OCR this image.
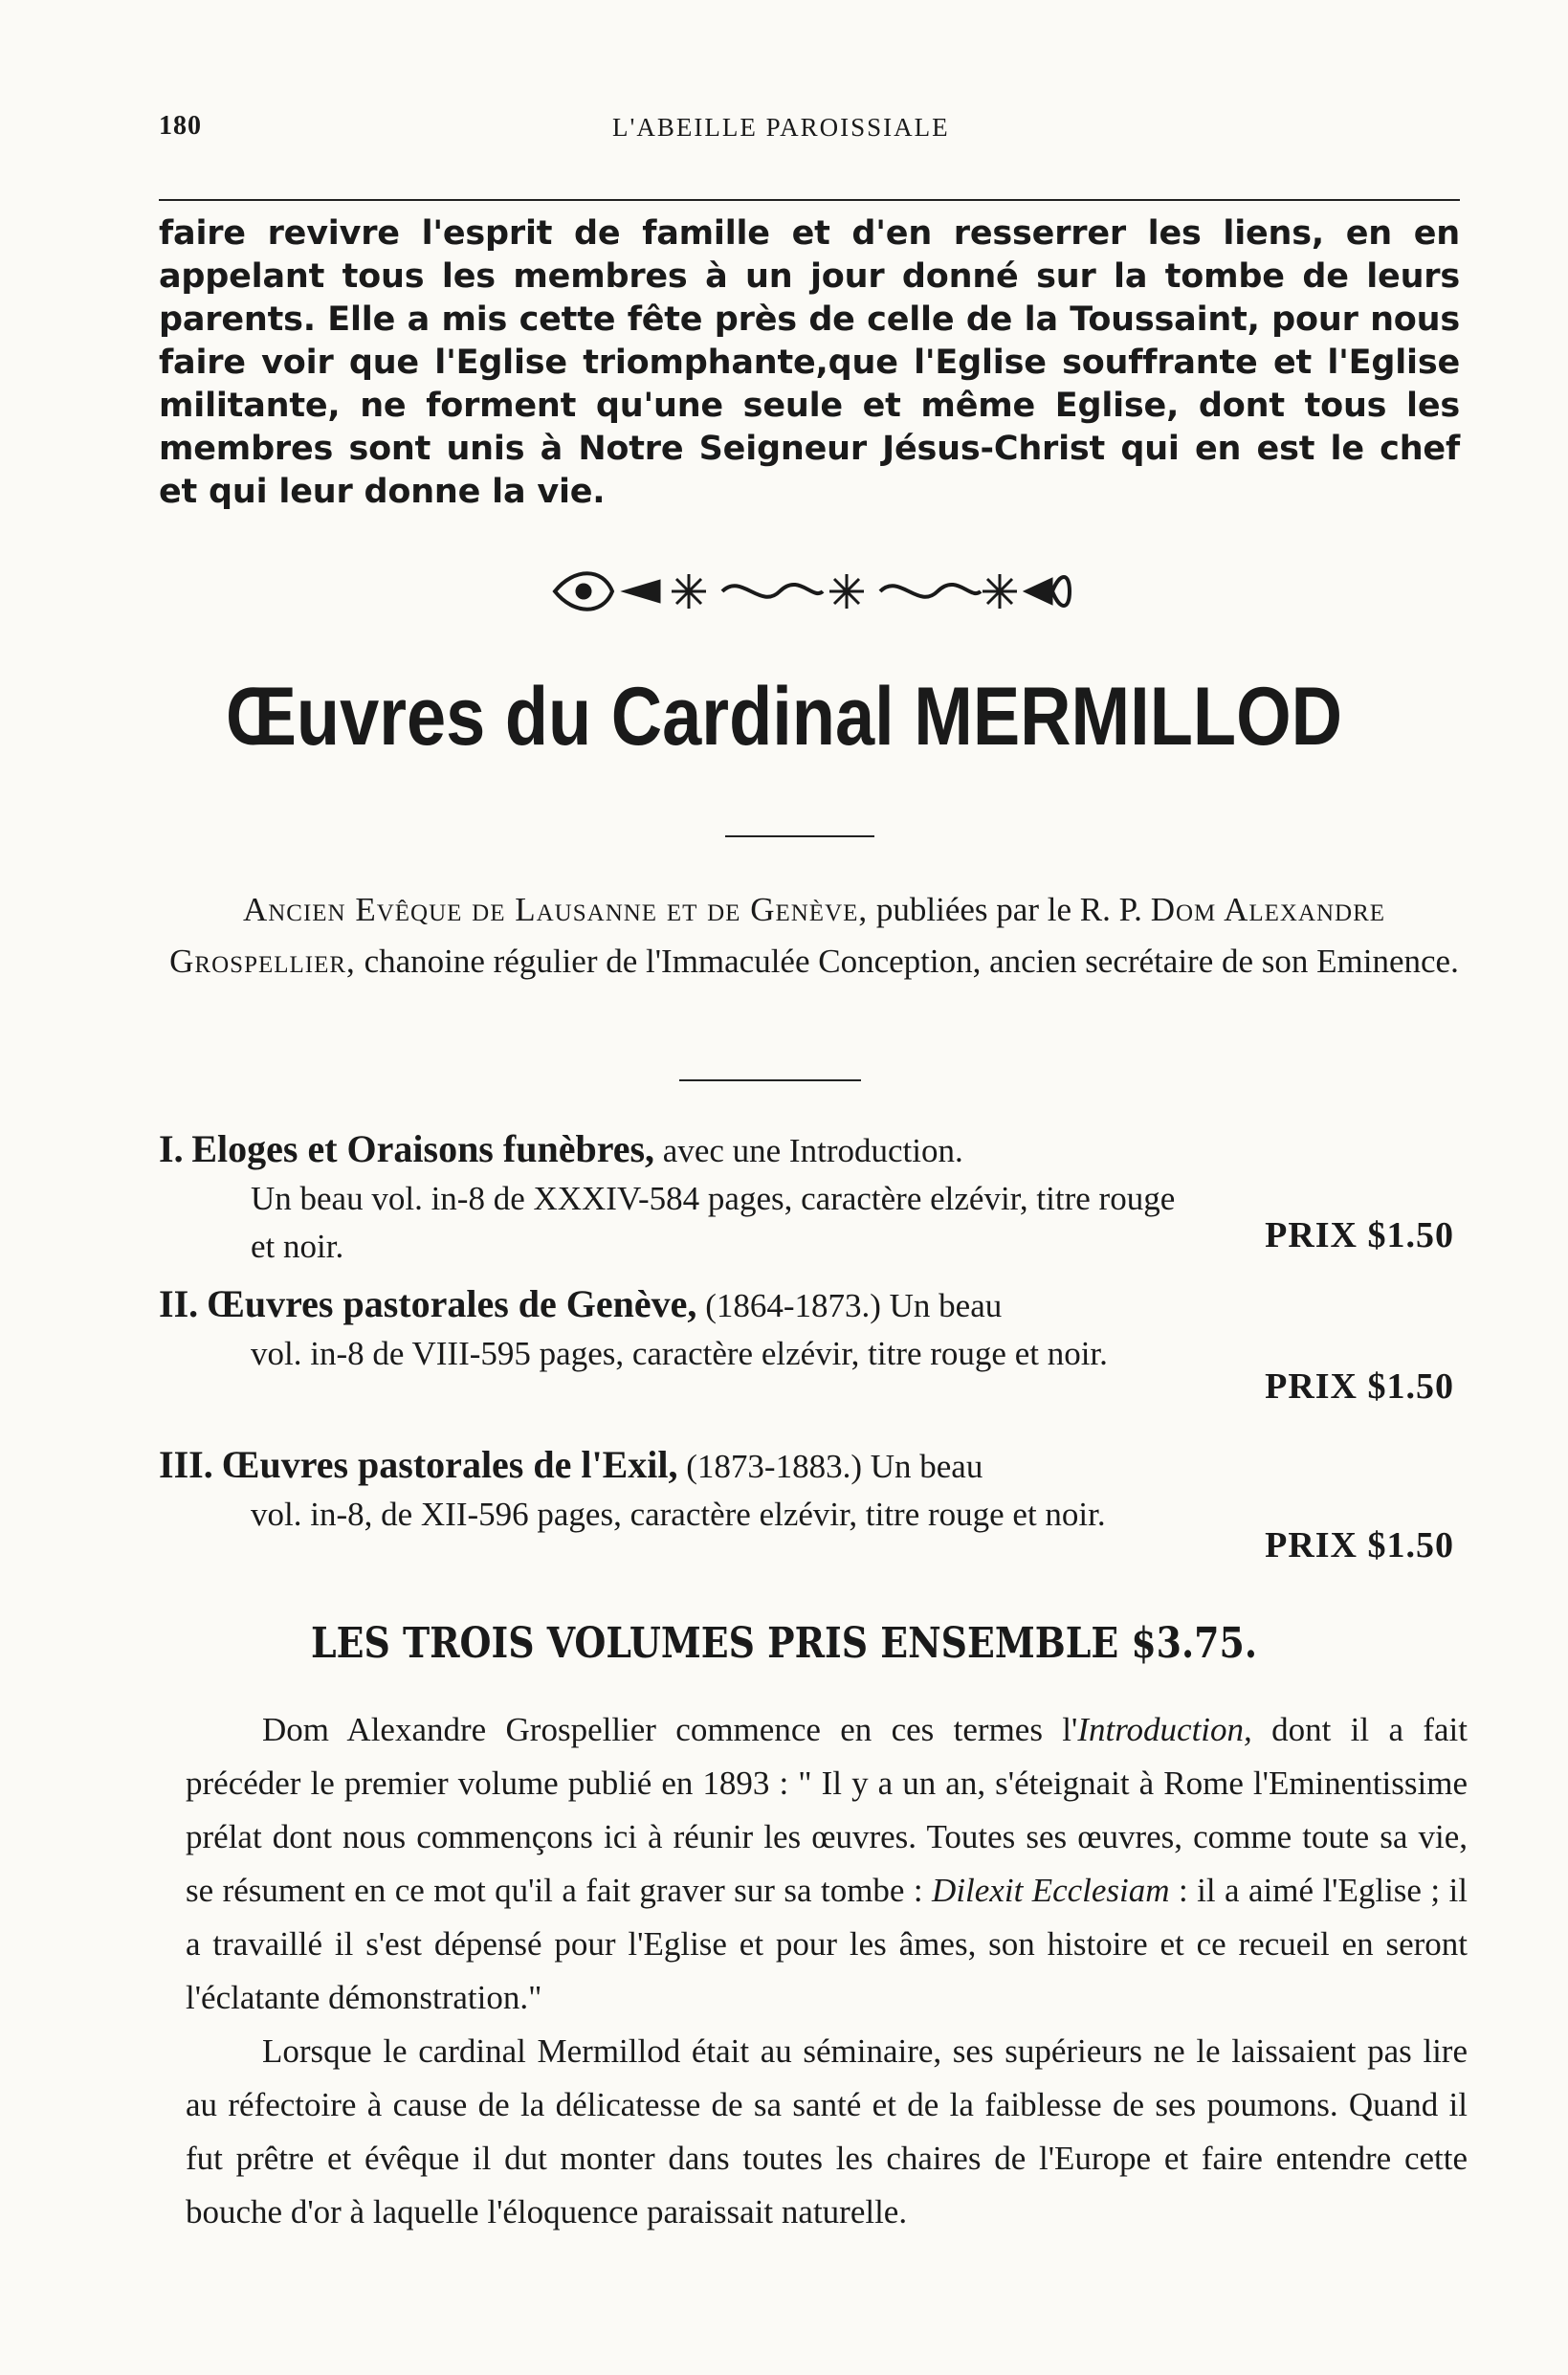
180	L'ABEILLE PAROISSIALE
faire revivre l'esprit de famille et d'en resserrer les liens, en en appelant tous les membres à un jour donné sur la tombe de leurs parents. Elle a mis cette fête près de celle de la Toussaint, pour nous faire voir que l'Eglise triomphante,que l'Eglise souffrante et l'Eglise militante, ne forment qu'une seule et même Eglise, dont tous les membres sont unis à Notre Seigneur Jésus-Christ qui en est le chef et qui leur donne la vie.
Œuvres du Cardinal MERMILLOD
Ancien Evêque de Lausanne et de Genève, publiées par le R. P. Dom Alexandre Grospellier, chanoine régulier de l'Immaculée Conception, ancien secrétaire de son Eminence.
I. Eloges et Oraisons funèbres, avec une Introduction.
Un beau vol. in-8 de XXXIV-584 pages, caractère elzévir, titre rouge et noir.	PRIX $1.50
II. Œuvres pastorales de Genève, (1864-1873.) Un beau
vol. in-8 de VIII-595 pages, caractère elzévir, titre rouge et noir.
PRIX $1.50
III. Œuvres pastorales de l'Exil, (1873-1883.) Un beau
vol. in-8, de XII-596 pages, caractère elzévir, titre rouge et noir.
PRIX $1.50
LES TROIS VOLUMES PRIS ENSEMBLE $3.75.

Dom Alexandre Grospellier commence en ces termes l'Introduction, dont il a fait précéder le premier volume publié en 1893 : " Il y a un an, s'éteignait à Rome l'Eminentissime prélat dont nous commençons ici à réunir les œuvres. Toutes ses œuvres, comme toute sa vie, se résument en ce mot qu'il a fait graver sur sa tombe : Dilexit Ecclesiam : il a aimé l'Eglise ; il a travaillé il s'est dépensé pour l'Eglise et pour les âmes, son histoire et ce recueil en seront l'éclatante démonstration."

Lorsque le cardinal Mermillod était au séminaire, ses supérieurs ne le laissaient pas lire au réfectoire à cause de la délicatesse de sa santé et de la faiblesse de ses poumons. Quand il fut prêtre et évêque il dut monter dans toutes les chaires de l'Europe et faire entendre cette bouche d'or à laquelle l'éloquence paraissait naturelle.
